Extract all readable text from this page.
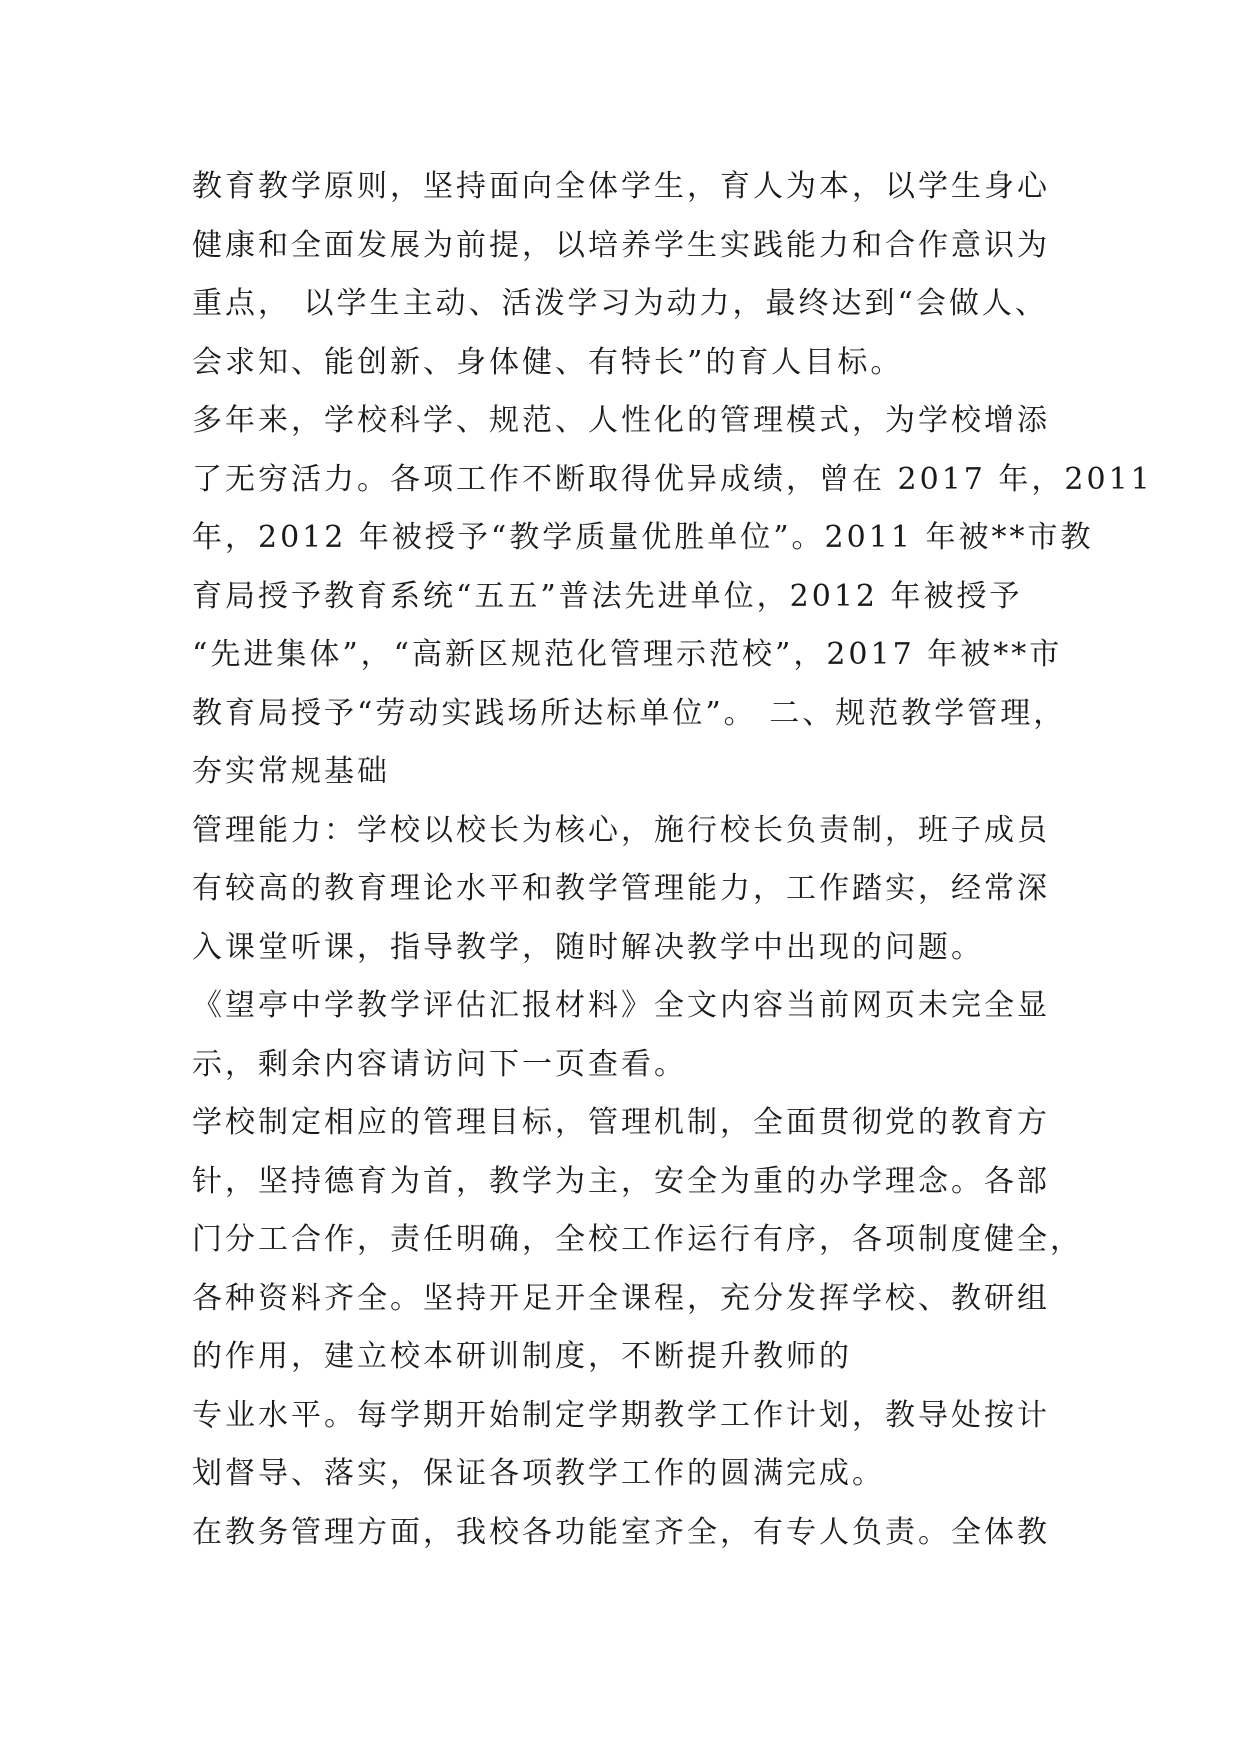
教育教学原则，坚持面向全体学生，育人为本，以学生身心
健康和全面发展为前提，以培养学生实践能力和合作意识为
重点， 以学生主动、活泼学习为动力，最终达到“会做人、
会求知、能创新、身体健、有特长”的育人目标。
多年来，学校科学、规范、人性化的管理模式，为学校增添
了无穷活力。各项工作不断取得优异成绩，曾在 2017 年，2011
年，2012 年被授予“教学质量优胜单位”。2011 年被**市教
育局授予教育系统“五五”普法先进单位，2012 年被授予
“先进集体”，“高新区规范化管理示范校”，2017 年被**市
教育局授予“劳动实践场所达标单位”。 二、规范教学管理，
夯实常规基础
管理能力：学校以校长为核心，施行校长负责制，班子成员
有较高的教育理论水平和教学管理能力，工作踏实，经常深
入课堂听课，指导教学，随时解决教学中出现的问题。
《望亭中学教学评估汇报材料》全文内容当前网页未完全显
示，剩余内容请访问下一页查看。
学校制定相应的管理目标，管理机制，全面贯彻党的教育方
针，坚持德育为首，教学为主，安全为重的办学理念。各部
门分工合作，责任明确，全校工作运行有序，各项制度健全，
各种资料齐全。坚持开足开全课程，充分发挥学校、教研组
的作用，建立校本研训制度，不断提升教师的
专业水平。每学期开始制定学期教学工作计划，教导处按计
划督导、落实，保证各项教学工作的圆满完成。
在教务管理方面，我校各功能室齐全，有专人负责。全体教
